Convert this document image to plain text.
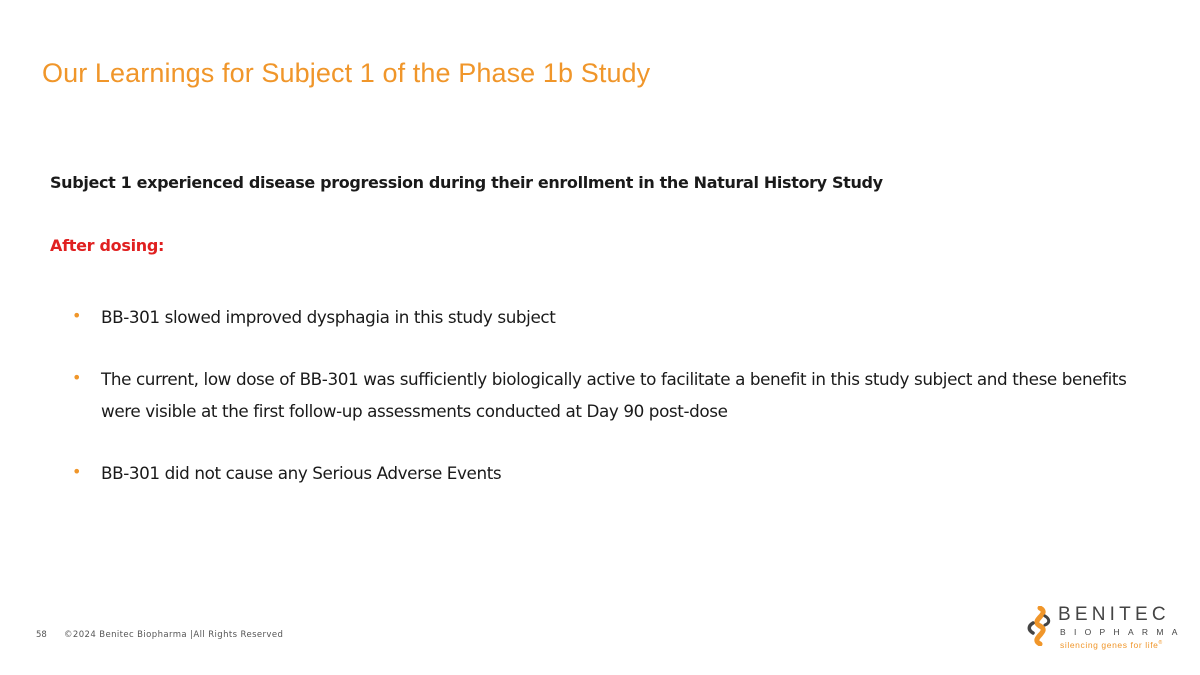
Our Learnings for Subject 1 of the Phase 1b Study
Subject 1 experienced disease progression during their enrollment in the Natural History Study
After dosing:
• BB-301 slowed improved dysphagia in this study subject
• The current, low dose of BB-301 was sufficiently biologically active to facilitate a benefit in this study subject and these benefits were visible at the first follow-up assessments conducted at Day 90 post-dose
• BB-301 did not cause any Serious Adverse Events
58 ©2024 Benitec Biopharma |All Rights Reserved
BENITEC
BIOPHARMA
silencing genes for life®
